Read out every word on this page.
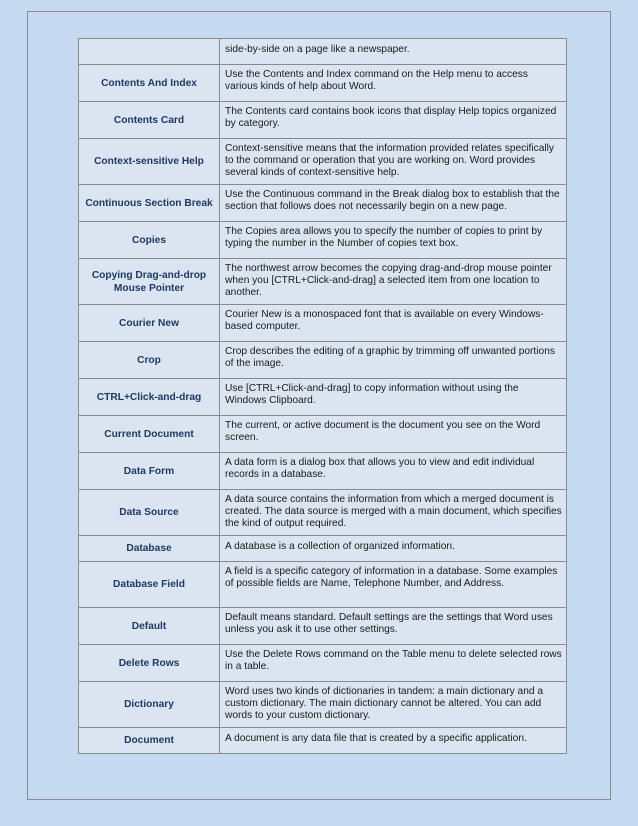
	side-by-side on a page like a newspaper.
Contents And Index	Use the Contents and Index command on the Help menu to access various kinds of help about Word.
Contents Card	The Contents card contains book icons that display Help topics organized by category.
Context-sensitive Help	Context-sensitive means that the information provided relates specifically to the command or operation that you are working on. Word provides several kinds of context-sensitive help.
Continuous Section Break	Use the Continuous command in the Break dialog box to establish that the section that follows does not necessarily begin on a new page.
Copies	The Copies area allows you to specify the number of copies to print by typing the number in the Number of copies text box.
Copying Drag-and-drop Mouse Pointer	The northwest arrow becomes the copying drag-and-drop mouse pointer when you [CTRL+Click-and-drag] a selected item from one location to another.
Courier New	Courier New is a monospaced font that is available on every Windows-based computer.
Crop	Crop describes the editing of a graphic by trimming off unwanted portions of the image.
CTRL+Click-and-drag	Use [CTRL+Click-and-drag] to copy information without using the Windows Clipboard.
Current Document	The current, or active document is the document you see on the Word screen.
Data Form	A data form is a dialog box that allows you to view and edit individual records in a database.
Data Source	A data source contains the information from which a merged document is created. The data source is merged with a main document, which specifies the kind of output required.
Database	A database is a collection of organized information.
Database Field	A field is a specific category of information in a database. Some examples of possible fields are Name, Telephone Number, and Address.
Default	Default means standard. Default settings are the settings that Word uses unless you ask it to use other settings.
Delete Rows	Use the Delete Rows command on the Table menu to delete selected rows in a table.
Dictionary	Word uses two kinds of dictionaries in tandem: a main dictionary and a custom dictionary. The main dictionary cannot be altered. You can add words to your custom dictionary.
Document	A document is any data file that is created by a specific application.
